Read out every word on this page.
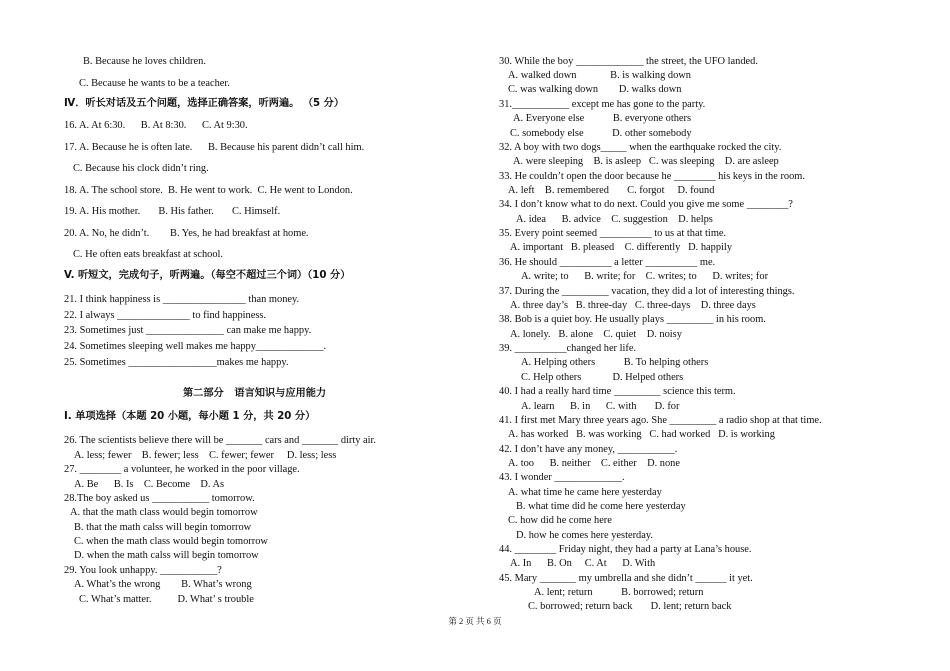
B. Because he loves children.
C. Because he wants to be a teacher.
Ⅳ．听长对话及五个问题，选择正确答案，听两遍。 （5 分）
16. A. At 6:30.      B. At 8:30.      C. At 9:30.
17. A. Because he is often late.      B. Because his parent didn’t call him.
C. Because his clock didn’t ring.
18. A. The school store.  B. He went to work.  C. He went to London.
19. A. His mother.       B. His father.       C. Himself.
20. A. No, he didn’t.        B. Yes, he had breakfast at home.
C. He often eats breakfast at school.
V. 听短文，完成句子，听两遍。（每空不超过三个词）（10 分）
21. I think happiness is ________________ than money.
22. I always ______________ to find happiness.
23. Sometimes just _______________ can make me happy.
24. Sometimes sleeping well makes me happy_____________.
25. Sometimes _________________makes me happy.
第二部分   语言知识与应用能力
I. 单项选择（本题 20 小题，每小题 1 分，共 20 分）
26. The scientists believe there will be _______ cars and _______ dirty air.
A. less; fewer    B. fewer; less    C. fewer; fewer     D. less; less
27. ________ a volunteer, he worked in the poor village.
A. Be      B. Is    C. Become    D. As
28.The boy asked us ___________ tomorrow.
A. that the math class would begin tomorrow
B. that the math calss will begin tomorrow
C. when the math class would begin tomorrow
D. when the math calss will begin tomorrow
29. You look unhappy. ___________?
A. What’s the wrong        B. What’s wrong
C. What’s matter.          D. What’ s trouble
30. While the boy _____________ the street, the UFO landed.
A. walked down             B. is walking down
C. was walking down        D. walks down
31.___________ except me has gone to the party.
A. Everyone else           B. everyone others
C. somebody else           D. other somebody
32. A boy with two dogs_____ when the earthquake rocked the city.
A. were sleeping    B. is asleep   C. was sleeping    D. are asleep
33. He couldn’t open the door because he ________ his keys in the room.
A. left    B. remembered       C. forgot     D. found
34. I don’t know what to do next. Could you give me some ________?
A. idea      B. advice    C. suggestion    D. helps
35. Every point seemed __________ to us at that time.
A. important   B. pleased    C. differently   D. happily
36. He should __________ a letter __________ me.
A. write; to      B. write; for    C. writes; to      D. writes; for
37. During the _________ vacation, they did a lot of interesting things.
A. three day’s   B. three-day   C. three-days    D. three days
38. Bob is a quiet boy. He usually plays _________ in his room.
A. lonely.   B. alone    C. quiet    D. noisy
39. __________changed her life.
A. Helping others           B. To helping others
C. Help others            D. Helped others
40. I had a really hard time _________ science this term.
A. learn      B. in      C. with       D. for
41. I first met Mary three years ago. She _________ a radio shop at that time.
A. has worked   B. was working   C. had worked   D. is working
42. I don’t have any money, ___________.
A. too      B. neither    C. either    D. none
43. I wonder _____________.
A. what time he came here yesterday
B. what time did he come here yesterday
C. how did he come here
D. how he comes here yesterday.
44. ________ Friday night, they had a party at Lana’s house.
A. In      B. On     C. At      D. With
45. Mary _______ my umbrella and she didn’t ______ it yet.
A. lent; return           B. borrowed; return
C. borrowed; return back       D. lent; return back
第 2 页 共 6 页
